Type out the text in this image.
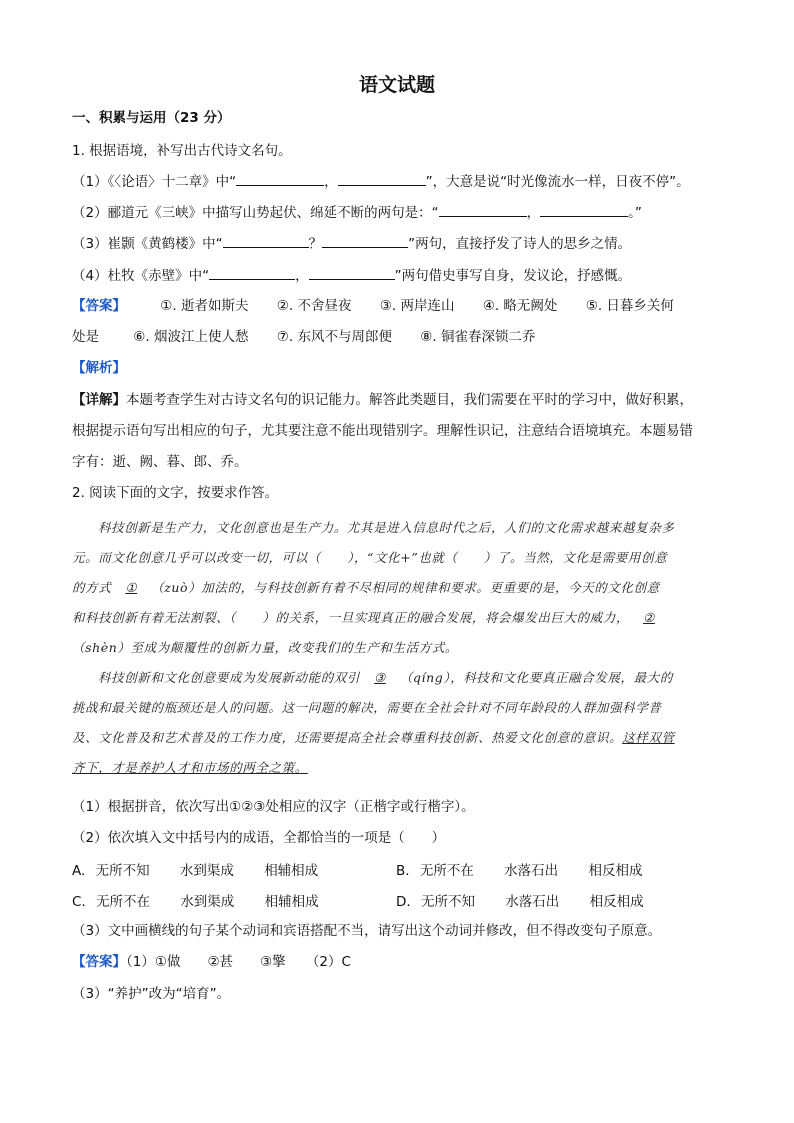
语文试题
一、积累与运用（23 分）
1. 根据语境，补写出古代诗文名句。
（1）《〈论语〉十二章》中“	，	”，大意是说“时光像流水一样，日夜不停”。
（2）郦道元《三峡》中描写山势起伏、绵延不断的两句是：“	，	。”
（3）崔颢《黄鹤楼》中“	？	”两句，直接抒发了诗人的思乡之情。
（4）杜牧《赤壁》中“	，	”两句借史事写自身，发议论，抒感慨。
【答案】	①. 逝者如斯夫 ②. 不舍昼夜 ③. 两岸连山 ④. 略无阙处 ⑤. 日暮乡关何
处是	⑥. 烟波江上使人愁 ⑦. 东风不与周郎便 ⑧. 铜雀春深锁二乔
【解析】
【详解】本题考查学生对古诗文名句的识记能力。解答此类题目，我们需要在平时的学习中，做好积累，
根据提示语句写出相应的句子，尤其要注意不能出现错别字。理解性识记，注意结合语境填充。本题易错
字有：逝、阙、暮、郎、乔。
2. 阅读下面的文字，按要求作答。
科技创新是生产力，文化创意也是生产力。尤其是进入信息时代之后，人们的文化需求越来越复杂多
元。而文化创意几乎可以改变一切，可以（　　），“文化+”也就（　　）了。当然，文化是需要用创意
的方式 ① （zuò）加法的，与科技创新有着不尽相同的规律和要求。更重要的是，今天的文化创意
和科技创新有着无法割裂、（　　）的关系，一旦实现真正的融合发展，将会爆发出巨大的威力， ②
（shèn）至成为颠覆性的创新力量，改变我们的生产和生活方式。
科技创新和文化创意要成为发展新动能的双引 ③ （qíng），科技和文化要真正融合发展，最大的
挑战和最关键的瓶颈还是人的问题。这一问题的解决，需要在全社会针对不同年龄段的人群加强科学普
及、文化普及和艺术普及的工作力度，还需要提高全社会尊重科技创新、热爱文化创意的意识。这样双管
齐下，才是养护人才和市场的两全之策。
（1）根据拼音，依次写出①②③处相应的汉字（正楷字或行楷字）。
（2）依次填入文中括号内的成语，全都恰当的一项是（　　）
A. 无所不知 水到渠成 相辅相成	B. 无所不在 水落石出 相反相成
C. 无所不在 水到渠成 相辅相成	D. 无所不知 水落石出 相反相成
（3）文中画横线的句子某个动词和宾语搭配不当，请写出这个动词并修改，但不得改变句子原意。
【答案】（1）①做　　②甚　　③擎　　（2）C
（3）“养护”改为“培育”。
